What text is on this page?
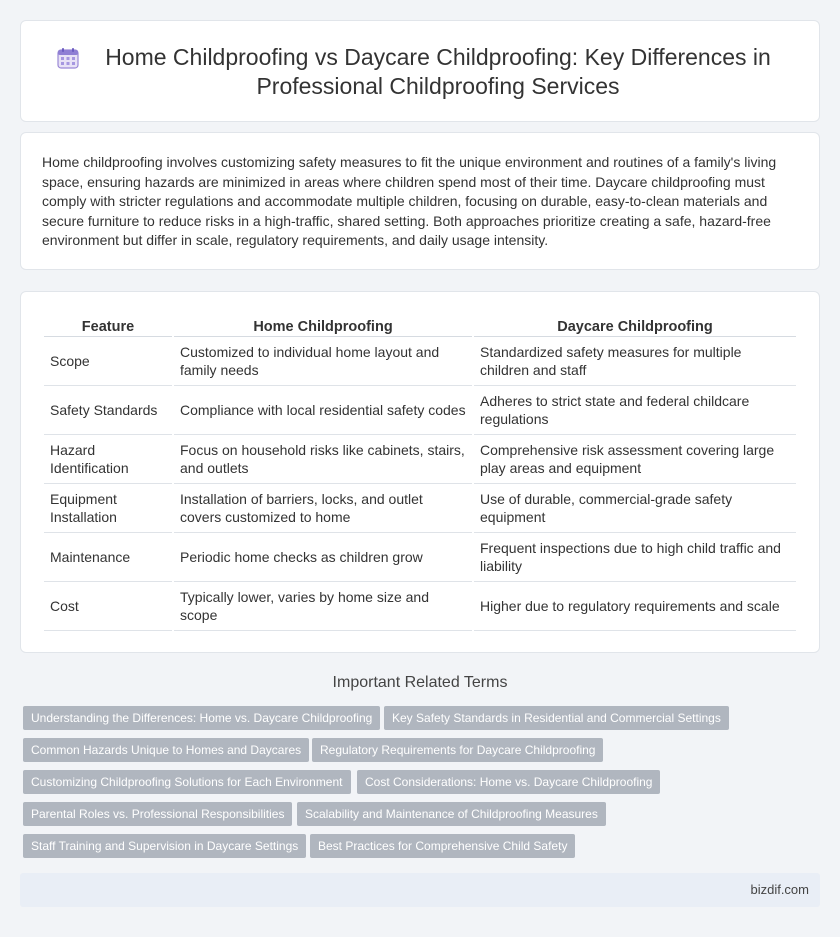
Home Childproofing vs Daycare Childproofing: Key Differences in Professional Childproofing Services

Home childproofing involves customizing safety measures to fit the unique environment and routines of a family's living space, ensuring hazards are minimized in areas where children spend most of their time. Daycare childproofing must comply with stricter regulations and accommodate multiple children, focusing on durable, easy-to-clean materials and secure furniture to reduce risks in a high-traffic, shared setting. Both approaches prioritize creating a safe, hazard-free environment but differ in scale, regulatory requirements, and daily usage intensity.

Feature	Home Childproofing	Daycare Childproofing
Scope	Customized to individual home layout and family needs	Standardized safety measures for multiple children and staff
Safety Standards	Compliance with local residential safety codes	Adheres to strict state and federal childcare regulations
Hazard Identification	Focus on household risks like cabinets, stairs, and outlets	Comprehensive risk assessment covering large play areas and equipment
Equipment Installation	Installation of barriers, locks, and outlet covers customized to home	Use of durable, commercial-grade safety equipment
Maintenance	Periodic home checks as children grow	Frequent inspections due to high child traffic and liability
Cost	Typically lower, varies by home size and scope	Higher due to regulatory requirements and scale
Important Related Terms
Understanding the Differences: Home vs. Daycare Childproofing	Key Safety Standards in Residential and Commercial Settings
Common Hazards Unique to Homes and Daycares	Regulatory Requirements for Daycare Childproofing
Customizing Childproofing Solutions for Each Environment	Cost Considerations: Home vs. Daycare Childproofing
Parental Roles vs. Professional Responsibilities	Scalability and Maintenance of Childproofing Measures
Staff Training and Supervision in Daycare Settings	Best Practices for Comprehensive Child Safety
bizdif.com
